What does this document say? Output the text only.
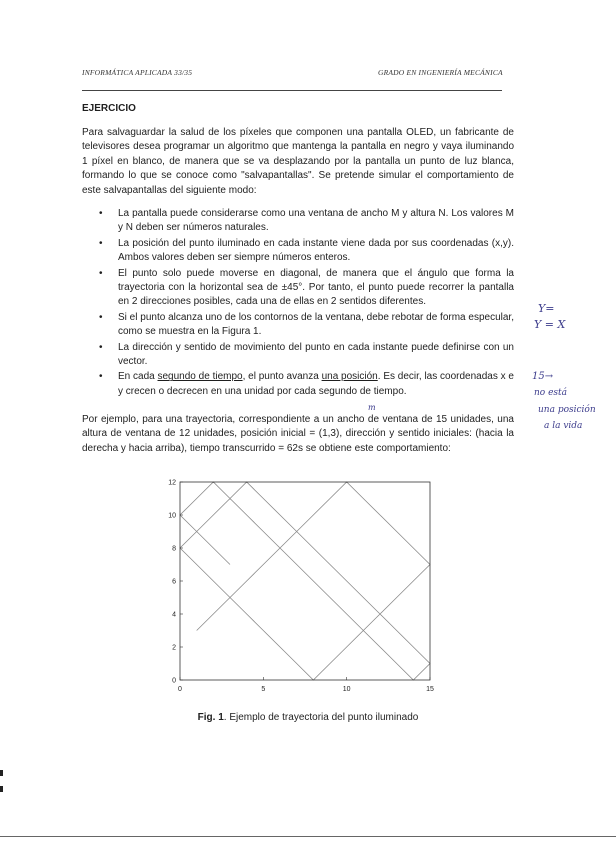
INFORMÁTICA APLICADA 33/35	GRADO EN INGENIERÍA MECÁNICA
EJERCICIO
Para salvaguardar la salud de los píxeles que componen una pantalla OLED, un fabricante de televisores desea programar un algoritmo que mantenga la pantalla en negro y vaya iluminando 1 píxel en blanco, de manera que se va desplazando por la pantalla un punto de luz blanca, formando lo que se conoce como "salvapantallas". Se pretende simular el comportamiento de este salvapantallas del siguiente modo:
• La pantalla puede considerarse como una ventana de ancho M y altura N. Los valores M y N deben ser números naturales.
• La posición del punto iluminado en cada instante viene dada por sus coordenadas (x,y). Ambos valores deben ser siempre números enteros.
• El punto solo puede moverse en diagonal, de manera que el ángulo que forma la trayectoria con la horizontal sea de ±45°. Por tanto, el punto puede recorrer la pantalla en 2 direcciones posibles, cada una de ellas en 2 sentidos diferentes.
• Si el punto alcanza uno de los contornos de la ventana, debe rebotar de forma especular, como se muestra en la Figura 1.
• La dirección y sentido de movimiento del punto en cada instante puede definirse con un vector.
• En cada segundo de tiempo, el punto avanza una posición. Es decir, las coordenadas x e y crecen o decrecen en una unidad por cada segundo de tiempo.
Por ejemplo, para una trayectoria, correspondiente a un ancho de ventana de 15 unidades, una altura de ventana de 12 unidades, posición inicial = (1,3), dirección y sentido iniciales: (hacia la derecha y hacia arriba), tiempo transcurrido = 62s se obtiene este comportamiento:
Y=
Y = X
15→
no está
una posición
a la vida
m
0	5	10	15
0
2
4
6
8
10
12
Fig. 1. Ejemplo de trayectoria del punto iluminado
